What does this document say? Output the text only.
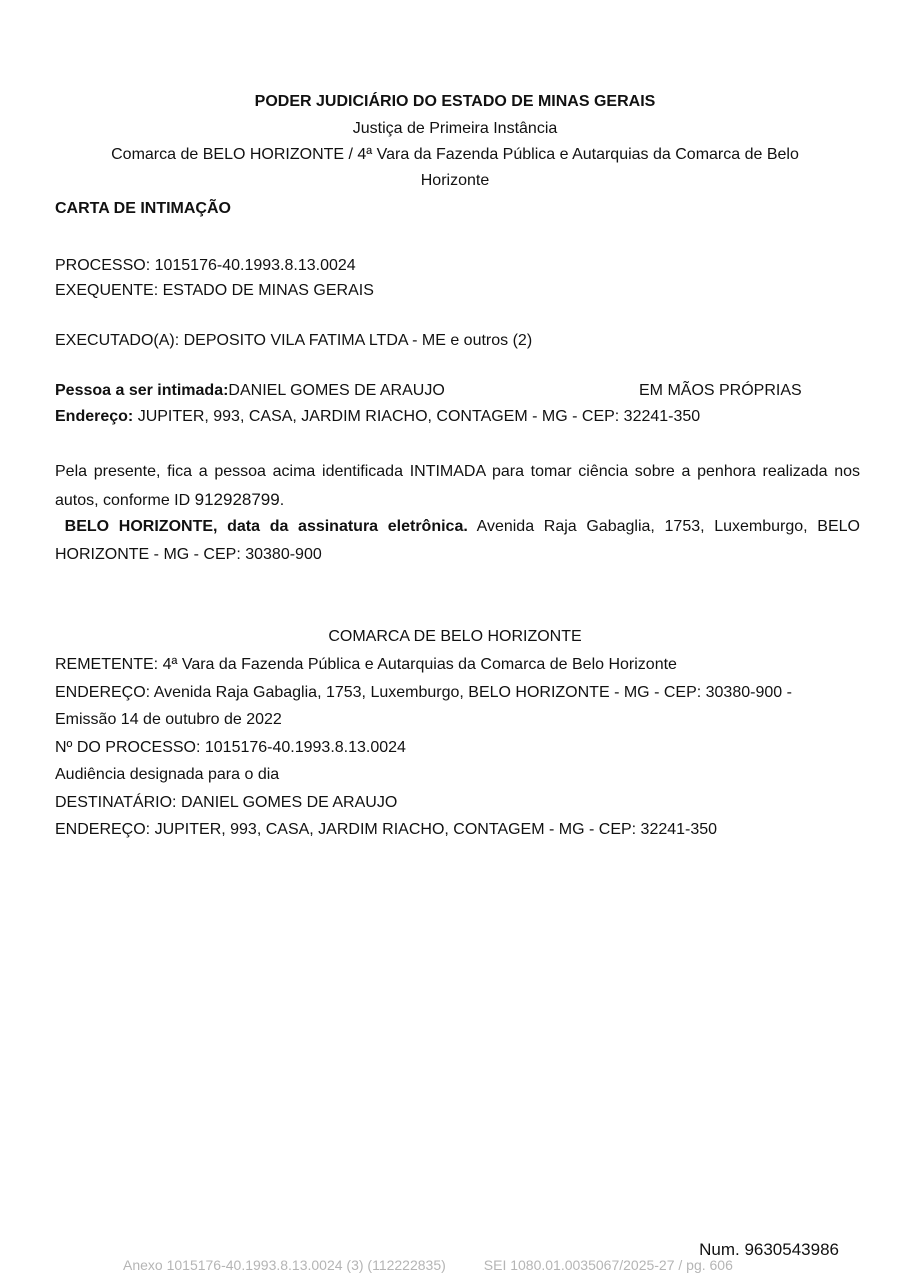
PODER JUDICIÁRIO DO ESTADO DE MINAS GERAIS
Justiça de Primeira Instância
Comarca de BELO HORIZONTE / 4ª Vara da Fazenda Pública e Autarquias da Comarca de Belo
Horizonte
CARTA DE INTIMAÇÃO
PROCESSO: 1015176-40.1993.8.13.0024
EXEQUENTE: ESTADO DE MINAS GERAIS
EXECUTADO(A): DEPOSITO VILA FATIMA LTDA - ME e outros (2)
Pessoa a ser intimada:DANIEL GOMES DE ARAUJO	EM MÃOS PRÓPRIAS
Endereço: JUPITER, 993, CASA, JARDIM RIACHO, CONTAGEM - MG - CEP: 32241-350
Pela presente, fica a pessoa acima identificada INTIMADA para tomar ciência sobre a penhora realizada nos autos, conforme ID 912928799.
BELO HORIZONTE, data da assinatura eletrônica. Avenida Raja Gabaglia, 1753, Luxemburgo, BELO HORIZONTE - MG - CEP: 30380-900
COMARCA DE BELO HORIZONTE
REMETENTE: 4ª Vara da Fazenda Pública e Autarquias da Comarca de Belo Horizonte
ENDEREÇO: Avenida Raja Gabaglia, 1753, Luxemburgo, BELO HORIZONTE - MG - CEP: 30380-900 -
Emissão 14 de outubro de 2022
Nº DO PROCESSO: 1015176-40.1993.8.13.0024
Audiência designada para o dia
DESTINATÁRIO: DANIEL GOMES DE ARAUJO
ENDEREÇO: JUPITER, 993, CASA, JARDIM RIACHO, CONTAGEM - MG - CEP: 32241-350
Num. 9630543986
Anexo 1015176-40.1993.8.13.0024 (3) (112222835)	SEI 1080.01.0035067/2025-27 / pg. 606
